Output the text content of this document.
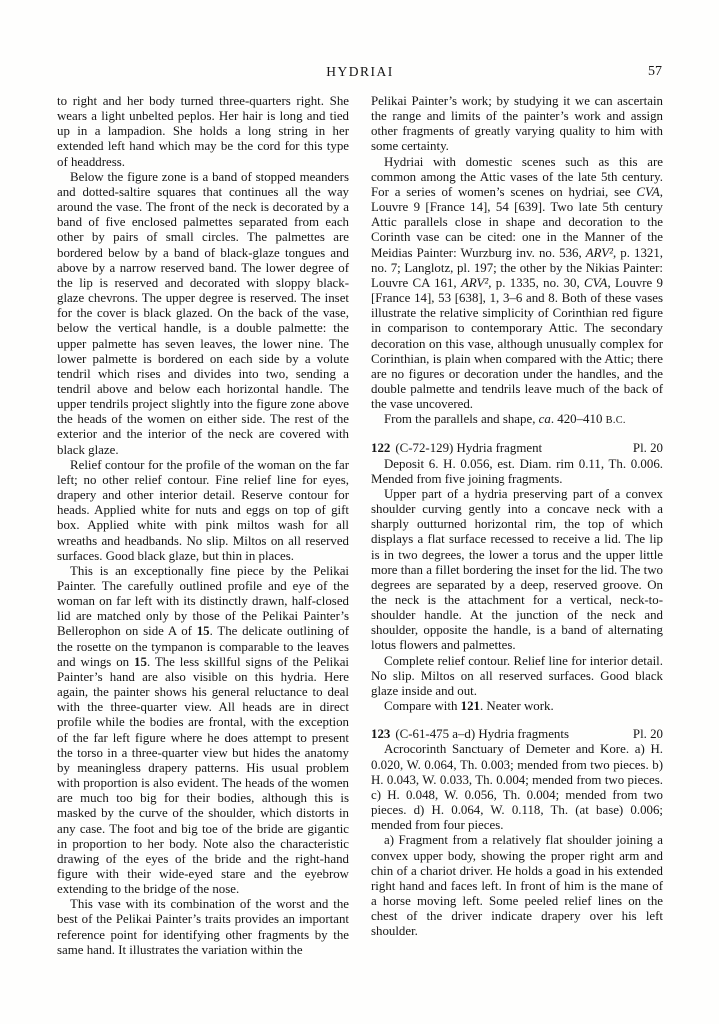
HYDRIAI	57

to right and her body turned three-quarters right. She wears a light unbelted peplos. Her hair is long and tied up in a lampadion. She holds a long string in her extended left hand which may be the cord for this type of headdress.

Below the figure zone is a band of stopped meanders and dotted-saltire squares that continues all the way around the vase. The front of the neck is decorated by a band of five enclosed palmettes separated from each other by pairs of small circles. The palmettes are bordered below by a band of black-glaze tongues and above by a narrow reserved band. The lower degree of the lip is reserved and decorated with sloppy black-glaze chevrons. The upper degree is reserved. The inset for the cover is black glazed. On the back of the vase, below the vertical handle, is a double palmette: the upper palmette has seven leaves, the lower nine. The lower palmette is bordered on each side by a volute tendril which rises and divides into two, sending a tendril above and below each horizontal handle. The upper tendrils project slightly into the figure zone above the heads of the women on either side. The rest of the exterior and the interior of the neck are covered with black glaze.

Relief contour for the profile of the woman on the far left; no other relief contour. Fine relief line for eyes, drapery and other interior detail. Reserve contour for heads. Applied white for nuts and eggs on top of gift box. Applied white with pink miltos wash for all wreaths and headbands. No slip. Miltos on all reserved surfaces. Good black glaze, but thin in places.

This is an exceptionally fine piece by the Pelikai Painter. The carefully outlined profile and eye of the woman on far left with its distinctly drawn, half-closed lid are matched only by those of the Pelikai Painter’s Bellerophon on side A of 15. The delicate outlining of the rosette on the tympanon is comparable to the leaves and wings on 15. The less skillful signs of the Pelikai Painter’s hand are also visible on this hydria. Here again, the painter shows his general reluctance to deal with the three-quarter view. All heads are in direct profile while the bodies are frontal, with the exception of the far left figure where he does attempt to present the torso in a three-quarter view but hides the anatomy by meaningless drapery patterns. His usual problem with proportion is also evident. The heads of the women are much too big for their bodies, although this is masked by the curve of the shoulder, which distorts in any case. The foot and big toe of the bride are gigantic in proportion to her body. Note also the characteristic drawing of the eyes of the bride and the right-hand figure with their wide-eyed stare and the eyebrow extending to the bridge of the nose.

This vase with its combination of the worst and the best of the Pelikai Painter’s traits provides an important reference point for identifying other fragments by the same hand. It illustrates the variation within the

Pelikai Painter’s work; by studying it we can ascertain the range and limits of the painter’s work and assign other fragments of greatly varying quality to him with some certainty.

Hydriai with domestic scenes such as this are common among the Attic vases of the late 5th century. For a series of women’s scenes on hydriai, see CVA, Louvre 9 [France 14], 54 [639]. Two late 5th century Attic parallels close in shape and decoration to the Corinth vase can be cited: one in the Manner of the Meidias Painter: Wurzburg inv. no. 536, ARV², p. 1321, no. 7; Langlotz, pl. 197; the other by the Nikias Painter: Louvre CA 161, ARV², p. 1335, no. 30, CVA, Louvre 9 [France 14], 53 [638], 1, 3–6 and 8. Both of these vases illustrate the relative simplicity of Corinthian red figure in comparison to contemporary Attic. The secondary decoration on this vase, although unusually complex for Corinthian, is plain when compared with the Attic; there are no figures or decoration under the handles, and the double palmette and tendrils leave much of the back of the vase uncovered.

From the parallels and shape, ca. 420–410 B.C.

122 (C-72-129) Hydria fragment	Pl. 20

Deposit 6. H. 0.056, est. Diam. rim 0.11, Th. 0.006. Mended from five joining fragments.

Upper part of a hydria preserving part of a convex shoulder curving gently into a concave neck with a sharply outturned horizontal rim, the top of which displays a flat surface recessed to receive a lid. The lip is in two degrees, the lower a torus and the upper little more than a fillet bordering the inset for the lid. The two degrees are separated by a deep, reserved groove. On the neck is the attachment for a vertical, neck-to-shoulder handle. At the junction of the neck and shoulder, opposite the handle, is a band of alternating lotus flowers and palmettes.

Complete relief contour. Relief line for interior detail. No slip. Miltos on all reserved surfaces. Good black glaze inside and out.

Compare with 121. Neater work.

123 (C-61-475 a–d) Hydria fragments	Pl. 20

Acrocorinth Sanctuary of Demeter and Kore. a) H. 0.020, W. 0.064, Th. 0.003; mended from two pieces. b) H. 0.043, W. 0.033, Th. 0.004; mended from two pieces. c) H. 0.048, W. 0.056, Th. 0.004; mended from two pieces. d) H. 0.064, W. 0.118, Th. (at base) 0.006; mended from four pieces.

a) Fragment from a relatively flat shoulder joining a convex upper body, showing the proper right arm and chin of a chariot driver. He holds a goad in his extended right hand and faces left. In front of him is the mane of a horse moving left. Some peeled relief lines on the chest of the driver indicate drapery over his left shoulder.
